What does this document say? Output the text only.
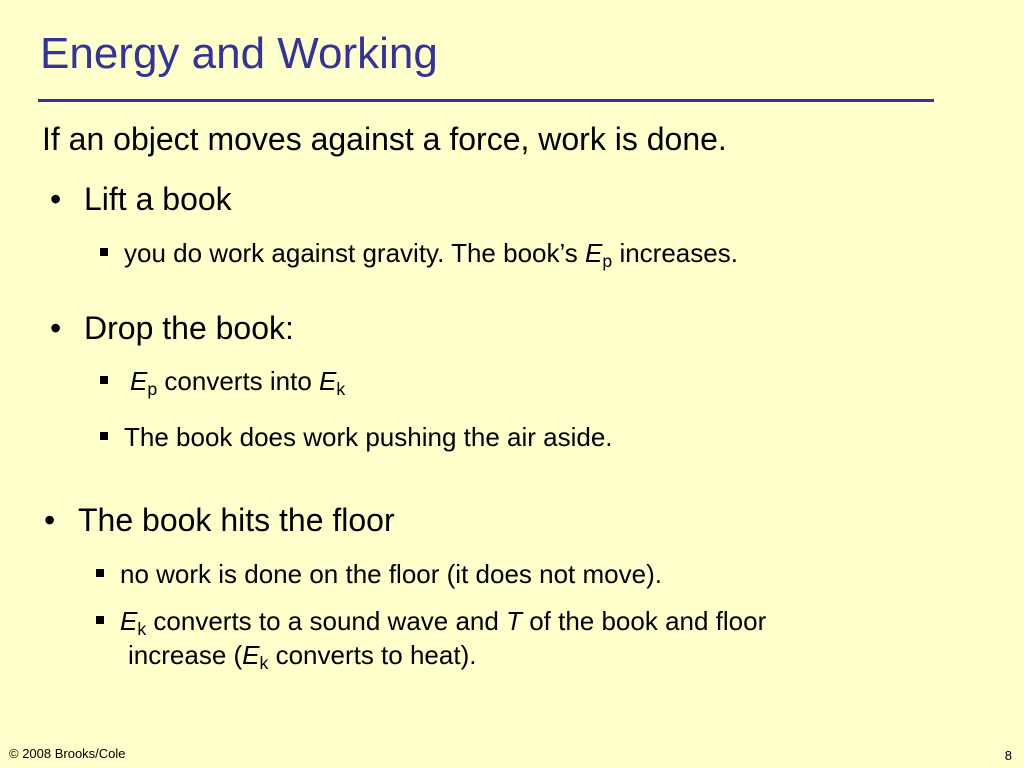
Energy and Working
If an object moves against a force, work is done.
• Lift a book
you do work against gravity. The book’s $E_p$ increases.
• Drop the book:
$E_p$ converts into $E_k$
The book does work pushing the air aside.
• The book hits the floor
no work is done on the floor (it does not move).
$E_k$ converts to a sound wave and T of the book and floor
increase ($E_k$ converts to heat).
© 2008 Brooks/Cole	8
